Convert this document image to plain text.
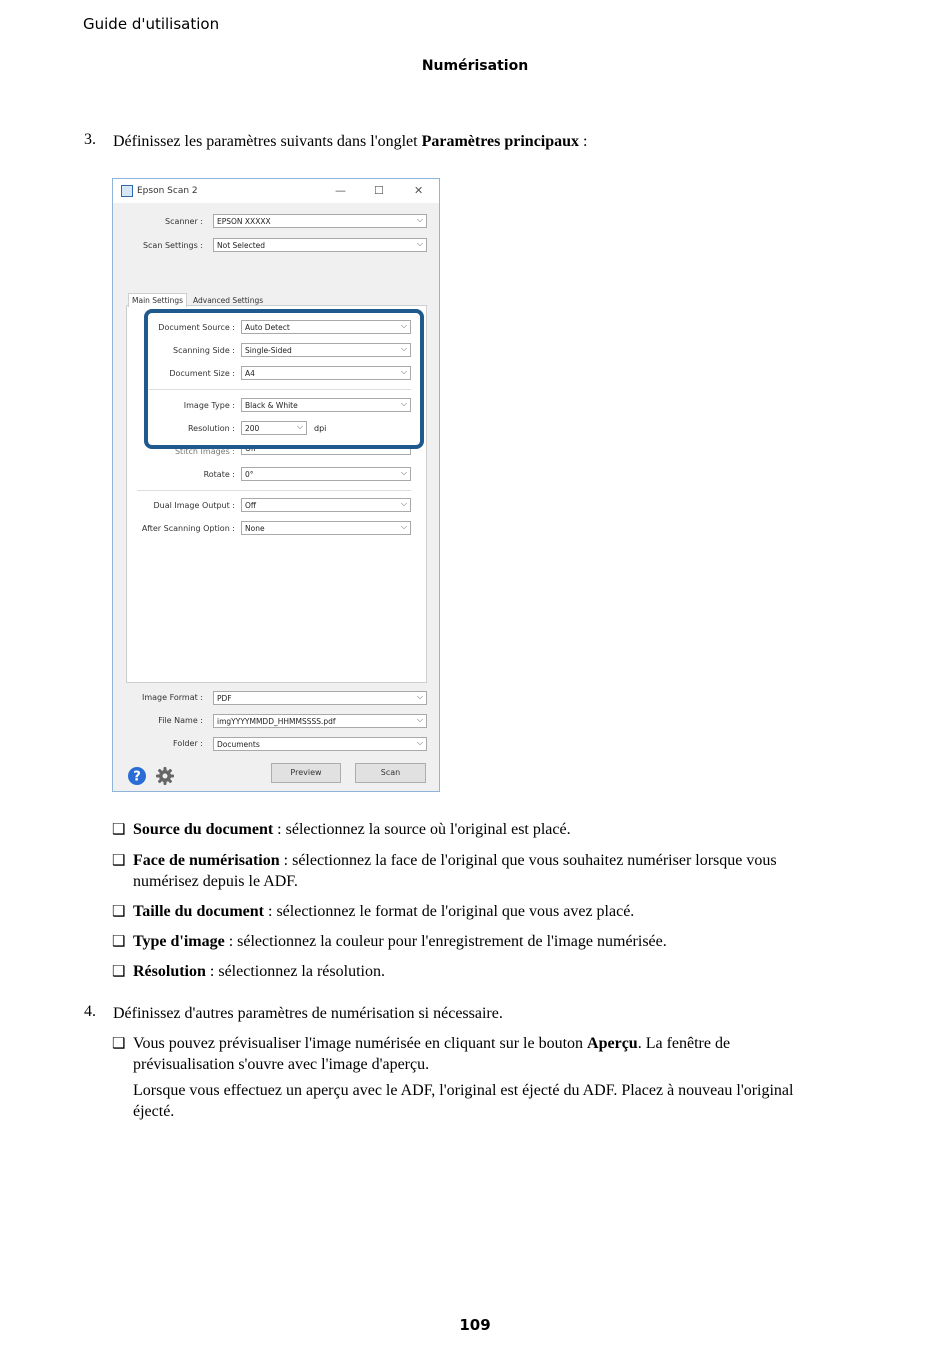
Guide d'utilisation
Numérisation
3. Définissez les paramètres suivants dans l'onglet Paramètres principaux :
Epson Scan 2	—	☐	✕
Scanner : EPSON XXXXX	⌵
Scan Settings : Not Selected	⌵
Main Settings	Advanced Settings
Document Source : Auto Detect	⌵
Scanning Side : Single-Sided	⌵
Document Size : A4	⌵
Image Type : Black & White	⌵
Resolution : 200	⌵ dpi
Stitch Images : Off
Rotate : 0°	⌵
Dual Image Output : Off	⌵
After Scanning Option : None	⌵
Image Format : PDF	⌵
File Name : imgYYYYMMDD_HHMMSSSS.pdf	⌵
Folder : Documents	⌵
?	Preview	Scan
❑ Source du document : sélectionnez la source où l'original est placé.
❑ Face de numérisation : sélectionnez la face de l'original que vous souhaitez numériser lorsque vous
numérisez depuis le ADF.
❑ Taille du document : sélectionnez le format de l'original que vous avez placé.
❑ Type d'image : sélectionnez la couleur pour l'enregistrement de l'image numérisée.
❑ Résolution : sélectionnez la résolution.
4. Définissez d'autres paramètres de numérisation si nécessaire.
❑ Vous pouvez prévisualiser l'image numérisée en cliquant sur le bouton Aperçu. La fenêtre de
prévisualisation s'ouvre avec l'image d'aperçu.
Lorsque vous effectuez un aperçu avec le ADF, l'original est éjecté du ADF. Placez à nouveau l'original
éjecté.
109
